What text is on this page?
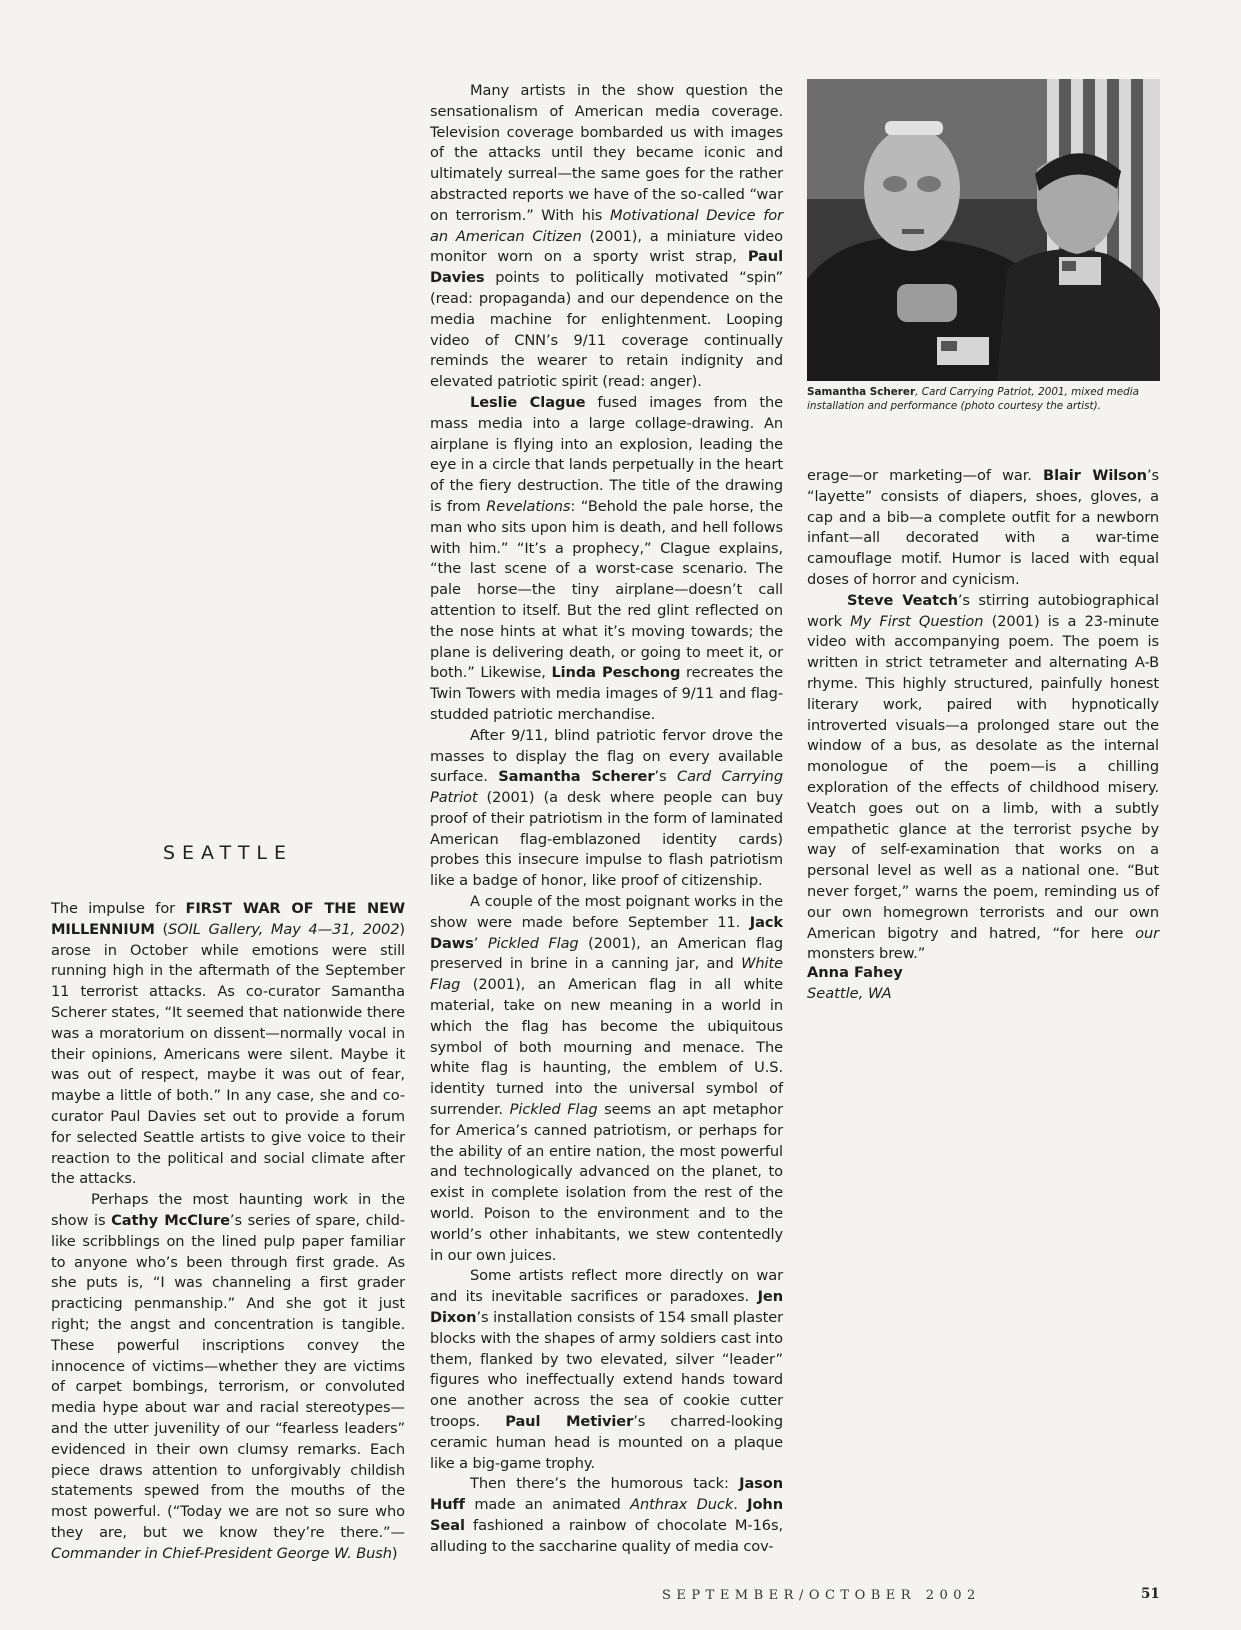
SEATTLE

The impulse for FIRST WAR OF THE NEW MILLENNIUM (SOIL Gallery, May 4—31, 2002) arose in October while emotions were still running high in the aftermath of the September 11 terrorist attacks. As co-curator Samantha Scherer states, “It seemed that nationwide there was a moratorium on dissent—normally vocal in their opinions, Americans were silent. Maybe it was out of respect, maybe it was out of fear, maybe a little of both.” In any case, she and co-curator Paul Davies set out to provide a forum for selected Seattle artists to give voice to their reaction to the political and social climate after the attacks.

Perhaps the most haunting work in the show is Cathy McClure’s series of spare, child-like scribblings on the lined pulp paper familiar to anyone who’s been through first grade. As she puts is, “I was channeling a first grader practicing penmanship.” And she got it just right; the angst and concentration is tangible. These powerful inscriptions convey the innocence of victims—whether they are victims of carpet bombings, terrorism, or convoluted media hype about war and racial stereotypes—and the utter juvenility of our “fearless leaders” evidenced in their own clumsy remarks. Each piece draws attention to unforgivably childish statements spewed from the mouths of the most powerful. (“Today we are not so sure who they are, but we know they’re there.”—Commander in Chief-President George W. Bush)

Many artists in the show question the sensationalism of American media coverage. Television coverage bombarded us with images of the attacks until they became iconic and ultimately surreal—the same goes for the rather abstracted reports we have of the so-called “war on terrorism.” With his Motivational Device for an American Citizen (2001), a miniature video monitor worn on a sporty wrist strap, Paul Davies points to politically motivated “spin” (read: propaganda) and our dependence on the media machine for enlightenment. Looping video of CNN’s 9/11 coverage continually reminds the wearer to retain indignity and elevated patriotic spirit (read: anger).

Leslie Clague fused images from the mass media into a large collage-drawing. An airplane is flying into an explosion, leading the eye in a circle that lands perpetually in the heart of the fiery destruction. The title of the drawing is from Revelations: “Behold the pale horse, the man who sits upon him is death, and hell follows with him.” “It’s a prophecy,” Clague explains, “the last scene of a worst-case scenario. The pale horse—the tiny airplane—doesn’t call attention to itself. But the red glint reflected on the nose hints at what it’s moving towards; the plane is delivering death, or going to meet it, or both.” Likewise, Linda Peschong recreates the Twin Towers with media images of 9/11 and flag-studded patriotic merchandise.

After 9/11, blind patriotic fervor drove the masses to display the flag on every available surface. Samantha Scherer’s Card Carrying Patriot (2001) (a desk where people can buy proof of their patriotism in the form of laminated American flag-emblazoned identity cards) probes this insecure impulse to flash patriotism like a badge of honor, like proof of citizenship.

A couple of the most poignant works in the show were made before September 11. Jack Daws’ Pickled Flag (2001), an American flag preserved in brine in a canning jar, and White Flag (2001), an American flag in all white material, take on new meaning in a world in which the flag has become the ubiquitous symbol of both mourning and menace. The white flag is haunting, the emblem of U.S. identity turned into the universal symbol of surrender. Pickled Flag seems an apt metaphor for America’s canned patriotism, or perhaps for the ability of an entire nation, the most powerful and technologically advanced on the planet, to exist in complete isolation from the rest of the world. Poison to the environment and to the world’s other inhabitants, we stew contentedly in our own juices.

Some artists reflect more directly on war and its inevitable sacrifices or paradoxes. Jen Dixon’s installation consists of 154 small plaster blocks with the shapes of army soldiers cast into them, flanked by two elevated, silver “leader” figures who ineffectually extend hands toward one another across the sea of cookie cutter troops. Paul Metivier’s charred-looking ceramic human head is mounted on a plaque like a big-game trophy.

Then there’s the humorous tack: Jason Huff made an animated Anthrax Duck. John Seal fashioned a rainbow of chocolate M-16s, alluding to the saccharine quality of media cov-

Samantha Scherer, Card Carrying Patriot, 2001, mixed media installation and performance (photo courtesy the artist).

erage—or marketing—of war. Blair Wilson’s “layette” consists of diapers, shoes, gloves, a cap and a bib—a complete outfit for a newborn infant—all decorated with a war-time camouflage motif. Humor is laced with equal doses of horror and cynicism.

Steve Veatch’s stirring autobiographical work My First Question (2001) is a 23-minute video with accompanying poem. The poem is written in strict tetrameter and alternating A-B rhyme. This highly structured, painfully honest literary work, paired with hypnotically introverted visuals—a prolonged stare out the window of a bus, as desolate as the internal monologue of the poem—is a chilling exploration of the effects of childhood misery. Veatch goes out on a limb, with a subtly empathetic glance at the terrorist psyche by way of self-examination that works on a personal level as well as a national one. “But never forget,” warns the poem, reminding us of our own homegrown terrorists and our own American bigotry and hatred, “for here our monsters brew.”

Anna Fahey
Seattle, WA
SEPTEMBER/OCTOBER 2002	51
